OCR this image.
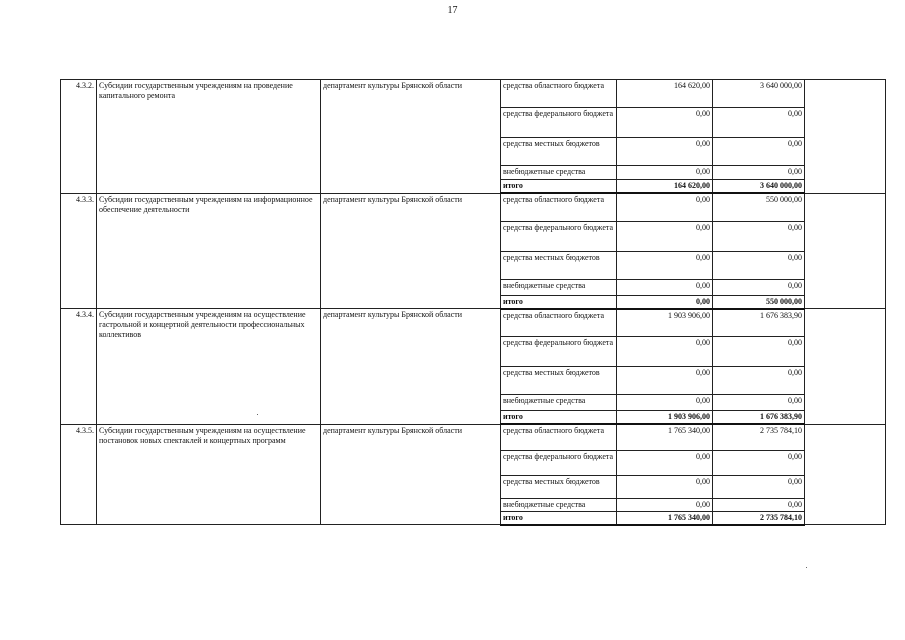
17
4.3.2.	Субсидии государственным учреждениям на проведение капитального ремонта	департамент культуры Брянской области	средства областного бюджета	164 620,00	3 640 000,00	
			средства федерального бюджета	0,00	0,00	
			средства местных бюджетов	0,00	0,00	
			внебюджетные средства	0,00	0,00	
			итого	164 620,00	3 640 000,00	
4.3.3.	Субсидии государственным учреждениям на информационное обеспечение деятельности	департамент культуры Брянской области	средства областного бюджета	0,00	550 000,00	
			средства федерального бюджета	0,00	0,00	
			средства местных бюджетов	0,00	0,00	
			внебюджетные средства	0,00	0,00	
			итого	0,00	550 000,00	
4.3.4.	Субсидии государственным учреждениям на осуществление гастрольной и концертной деятельности профессиональных коллективов	департамент культуры Брянской области	средства областного бюджета	1 903 906,00	1 676 383,90	
			средства федерального бюджета	0,00	0,00	
			средства местных бюджетов	0,00	0,00	
			внебюджетные средства	0,00	0,00	
			итого	1 903 906,00	1 676 383,90	
4.3.5.	Субсидии государственным учреждениям на осуществление постановок новых спектаклей и концертных программ	департамент культуры Брянской области	средства областного бюджета	1 765 340,00	2 735 784,10	
			средства федерального бюджета	0,00	0,00	
			средства местных бюджетов	0,00	0,00	
			внебюджетные средства	0,00	0,00	
			итого	1 765 340,00	2 735 784,10	
